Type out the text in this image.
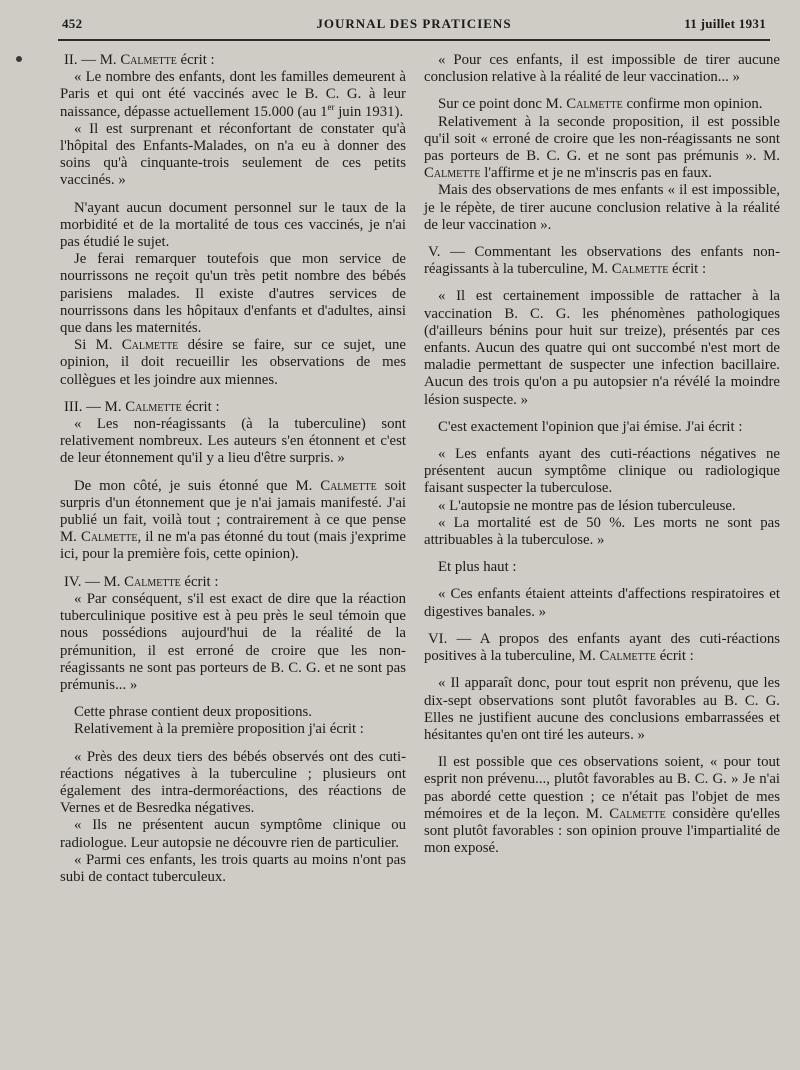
452	JOURNAL DES PRATICIENS	11 juillet 1931

II. — M. Calmette écrit :

« Le nombre des enfants, dont les familles demeurent à Paris et qui ont été vaccinés avec le B. C. G. à leur naissance, dépasse actuellement 15.000 (au 1er juin 1931).

« Il est surprenant et réconfortant de constater qu'à l'hôpital des Enfants-Malades, on n'a eu à donner des soins qu'à cinquante-trois seulement de ces petits vaccinés. »

N'ayant aucun document personnel sur le taux de la morbidité et de la mortalité de tous ces vaccinés, je n'ai pas étudié le sujet.

Je ferai remarquer toutefois que mon service de nourrissons ne reçoit qu'un très petit nombre des bébés parisiens malades. Il existe d'autres services de nourrissons dans les hôpitaux d'enfants et d'adultes, ainsi que dans les maternités.

Si M. Calmette désire se faire, sur ce sujet, une opinion, il doit recueillir les observations de mes collègues et les joindre aux miennes.

III. — M. Calmette écrit :

« Les non-réagissants (à la tuberculine) sont relativement nombreux. Les auteurs s'en étonnent et c'est de leur étonnement qu'il y a lieu d'être surpris. »

De mon côté, je suis étonné que M. Calmette soit surpris d'un étonnement que je n'ai jamais manifesté. J'ai publié un fait, voilà tout ; contrairement à ce que pense M. Calmette, il ne m'a pas étonné du tout (mais j'exprime ici, pour la première fois, cette opinion).

IV. — M. Calmette écrit :

« Par conséquent, s'il est exact de dire que la réaction tuberculinique positive est à peu près le seul témoin que nous possédions aujourd'hui de la réalité de la prémunition, il est erroné de croire que les non-réagissants ne sont pas porteurs de B. C. G. et ne sont pas prémunis... »

Cette phrase contient deux propositions.

Relativement à la première proposition j'ai écrit :

« Près des deux tiers des bébés observés ont des cuti-réactions négatives à la tuberculine ; plusieurs ont également des intra-dermoréactions, des réactions de Vernes et de Besredka négatives.

« Ils ne présentent aucun symptôme clinique ou radiologue. Leur autopsie ne découvre rien de particulier.

« Parmi ces enfants, les trois quarts au moins n'ont pas subi de contact tuberculeux.

« Pour ces enfants, il est impossible de tirer aucune conclusion relative à la réalité de leur vaccination... »

Sur ce point donc M. Calmette confirme mon opinion.

Relativement à la seconde proposition, il est possible qu'il soit « erroné de croire que les non-réagissants ne sont pas porteurs de B. C. G. et ne sont pas prémunis ». M. Calmette l'affirme et je ne m'inscris pas en faux.

Mais des observations de mes enfants « il est impossible, je le répète, de tirer aucune conclusion relative à la réalité de leur vaccination ».

V. — Commentant les observations des enfants non-réagissants à la tuberculine, M. Calmette écrit :

« Il est certainement impossible de rattacher à la vaccination B. C. G. les phénomènes pathologiques (d'ailleurs bénins pour huit sur treize), présentés par ces enfants. Aucun des quatre qui ont succombé n'est mort de maladie permettant de suspecter une infection bacillaire. Aucun des trois qu'on a pu autopsier n'a révélé la moindre lésion suspecte. »

C'est exactement l'opinion que j'ai émise. J'ai écrit :

« Les enfants ayant des cuti-réactions négatives ne présentent aucun symptôme clinique ou radiologique faisant suspecter la tuberculose.

« L'autopsie ne montre pas de lésion tuberculeuse.

« La mortalité est de 50 %. Les morts ne sont pas attribuables à la tuberculose. »

Et plus haut :

« Ces enfants étaient atteints d'affections respiratoires et digestives banales. »

VI. — A propos des enfants ayant des cuti-réactions positives à la tuberculine, M. Calmette écrit :

« Il apparaît donc, pour tout esprit non prévenu, que les dix-sept observations sont plutôt favorables au B. C. G. Elles ne justifient aucune des conclusions embarrassées et hésitantes qu'en ont tiré les auteurs. »

Il est possible que ces observations soient, « pour tout esprit non prévenu..., plutôt favorables au B. C. G. » Je n'ai pas abordé cette question ; ce n'était pas l'objet de mes mémoires et de la leçon. M. Calmette considère qu'elles sont plutôt favorables : son opinion prouve l'impartialité de mon exposé.
